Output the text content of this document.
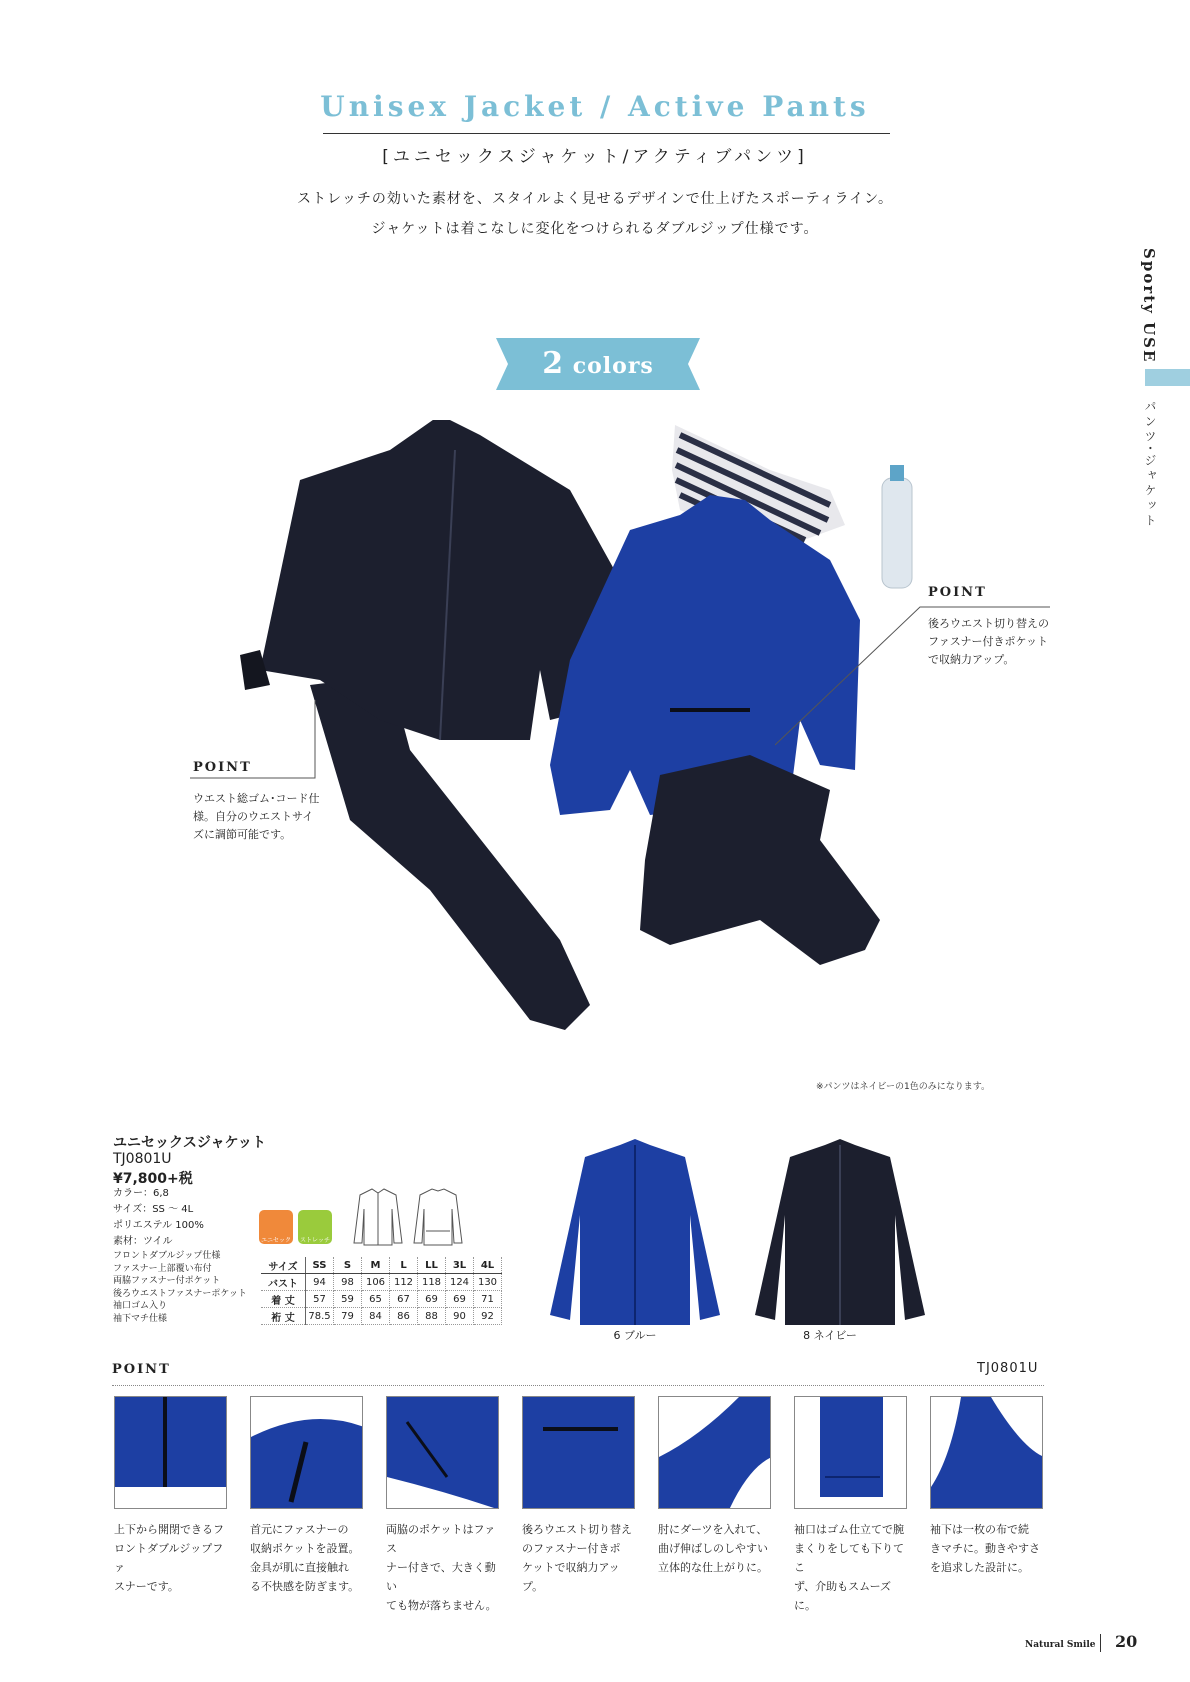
Unisex Jacket / Active Pants
[ユニセックスジャケット/アクティブパンツ]
ストレッチの効いた素材を、スタイルよく見せるデザインで仕上げたスポーティライン。
ジャケットは着こなしに変化をつけられるダブルジップ仕様です。
Sporty USE
パンツ･ジャケット
2 colors
POINT
ウエスト総ゴム･コード仕
様。自分のウエストサイ
ズに調節可能です。
POINT
後ろウエスト切り替えの
ファスナー付きポケット
で収納力アップ。
※パンツはネイビーの1色のみになります。
ユニセックスジャケット
TJ0801U
¥7,800+税
カラー：6,8
サイズ：SS ～ 4L
ポリエステル 100%
素材：ツイル
フロントダブルジップ仕様
ファスナー上部覆い布付
両脇ファスナー付ポケット
後ろウエストファスナーポケット
袖口ゴム入り
袖下マチ仕様
ユニセックス
ストレッチ
サイズ	SS	S	M	L	LL	3L	4L
バスト	94	98	106	112	118	124	130
着 丈	57	59	65	67	69	69	71
裄 丈	78.5	79	84	86	88	90	92
6 ブルー	8 ネイビー
POINT	TJ0801U
上下から開閉できるフ
ロントダブルジップファ
スナーです。
首元にファスナーの
収納ポケットを設置。
金具が肌に直接触れ
る不快感を防ぎます。
両脇のポケットはファス
ナー付きで、大きく動い
ても物が落ちません。
後ろウエスト切り替え
のファスナー付きポ
ケットで収納力アップ。
肘にダーツを入れて、
曲げ伸ばしのしやすい
立体的な仕上がりに。
袖口はゴム仕立てで腕
まくりをしても下りてこ
ず、介助もスムーズに。
袖下は一枚の布で続
きマチに。動きやすさ
を追求した設計に。
Natural Smile 20
